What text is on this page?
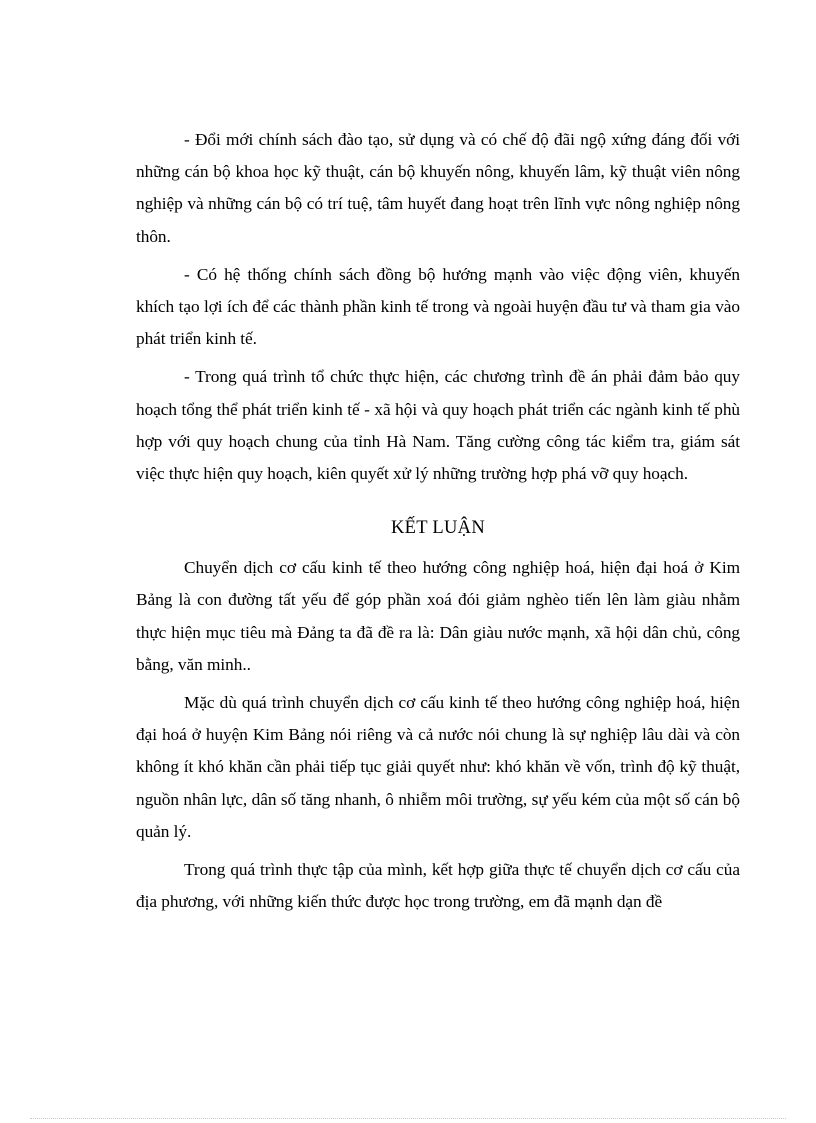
- Đổi mới chính sách đào tạo, sử dụng và có chế độ đãi ngộ xứng đáng đối với những cán bộ khoa học kỹ thuật, cán bộ khuyến nông, khuyến lâm, kỹ thuật viên nông nghiệp và những cán bộ có trí tuệ, tâm huyết đang hoạt trên lĩnh vực nông nghiệp nông thôn.

- Có hệ thống chính sách đồng bộ hướng mạnh vào việc động viên, khuyến khích tạo lợi ích để các thành phần kinh tế trong và ngoài huyện đầu tư và tham gia vào phát triển kinh tế.

- Trong quá trình tổ chức thực hiện, các chương trình đề án phải đảm bảo quy hoạch tổng thể phát triển kinh tế - xã hội và quy hoạch phát triển các ngành kinh tế phù hợp với quy hoạch chung của tỉnh Hà Nam. Tăng cường công tác kiểm tra, giám sát việc thực hiện quy hoạch, kiên quyết xử lý những trường hợp phá vỡ quy hoạch.

KẾT LUẬN

Chuyển dịch cơ cấu kinh tế theo hướng công nghiệp hoá, hiện đại hoá ở Kim Bảng là con đường tất yếu để góp phần xoá đói giảm nghèo tiến lên làm giàu nhằm thực hiện mục tiêu mà Đảng ta đã đề ra là: Dân giàu nước mạnh, xã hội dân chủ, công bằng, văn minh..

Mặc dù quá trình chuyển dịch cơ cấu kinh tế theo hướng công nghiệp hoá, hiện đại hoá ở huyện Kim Bảng nói riêng và cả nước nói chung là sự nghiệp lâu dài và còn không ít khó khăn cần phải tiếp tục giải quyết như: khó khăn về vốn, trình độ kỹ thuật, nguồn nhân lực, dân số tăng nhanh, ô nhiễm môi trường, sự yếu kém của một số cán bộ quản lý.

Trong quá trình thực tập của mình, kết hợp giữa thực tế chuyển dịch cơ cấu của địa phương, với những kiến thức được học trong trường, em đã mạnh dạn đề
